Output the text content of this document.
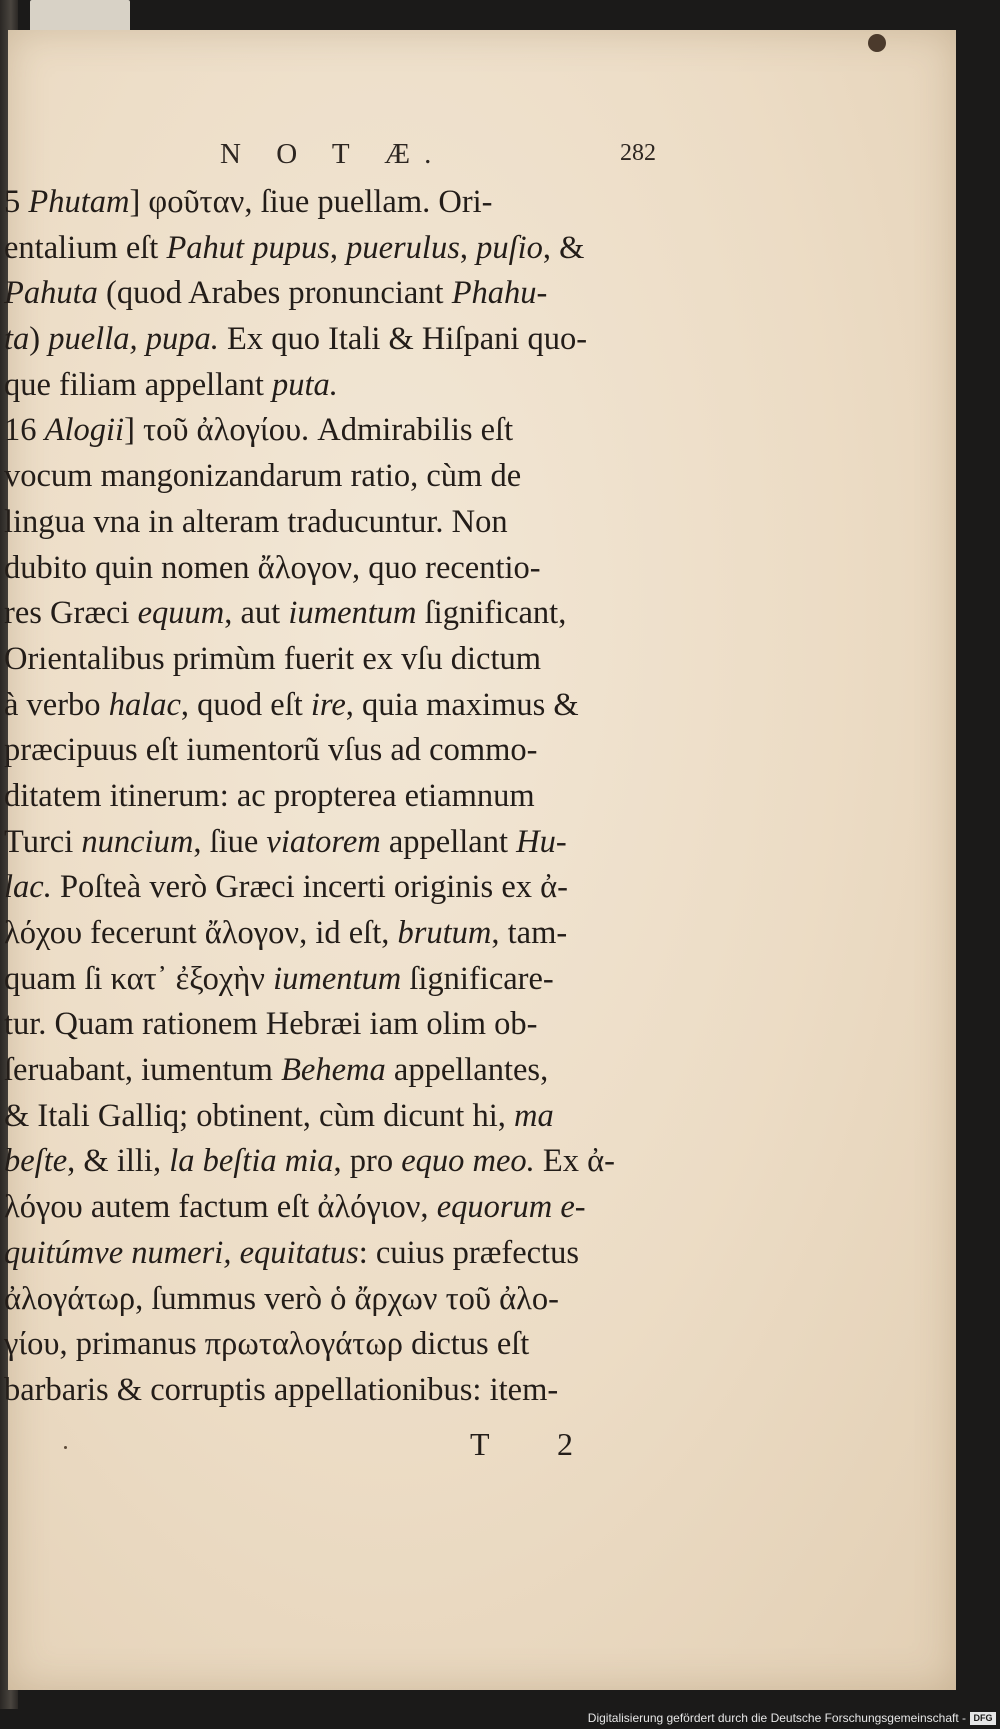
N O T Æ.	282
5 Phutam] φοῦταν, ſiue puellam. Ori-
entalium eſt Pahut pupus, puerulus, puſio, &
Pahuta (quod Arabes pronunciant Phahu-
ta) puella, pupa. Ex quo Itali & Hiſpani quo-
que filiam appellant puta.
16 Alogii] τοῦ ἀλογίου. Admirabilis eſt
vocum mangonizandarum ratio, cùm de
lingua vna in alteram traducuntur. Non
dubito quin nomen ἄλογον, quo recentio-
res Græci equum, aut iumentum ſignificant,
Orientalibus primùm fuerit ex vſu dictum
à verbo halac, quod eſt ire, quia maximus &
præcipuus eſt iumentorũ vſus ad commo-
ditatem itinerum: ac propterea etiamnum
Turci nuncium, ſiue viatorem appellant Hu-
lac. Poſteà verò Græci incerti originis ex ἀ-
λόχου fecerunt ἄλογον, id eſt, brutum, tam-
quam ſi κατ᾽ ἐξοχὴν iumentum ſignificare-
tur. Quam rationem Hebræi iam olim ob-
ſeruabant, iumentum Behema appellantes,
& Itali Galliq; obtinent, cùm dicunt hi, ma
beſte, & illi, la beſtia mia, pro equo meo. Ex ἀ-
λόγου autem factum eſt ἀλόγιον, equorum e-
quitúmve numeri, equitatus: cuius præfectus
ἀλογάτωρ, ſummus verò ὁ ἄρχων τοῦ ἀλο-
γίου, primanus πρωταλογάτωρ dictus eſt
barbaris & corruptis appellationibus: item-
T 2
Digitalisierung gefördert durch die Deutsche Forschungsgemeinschaft - DFG
